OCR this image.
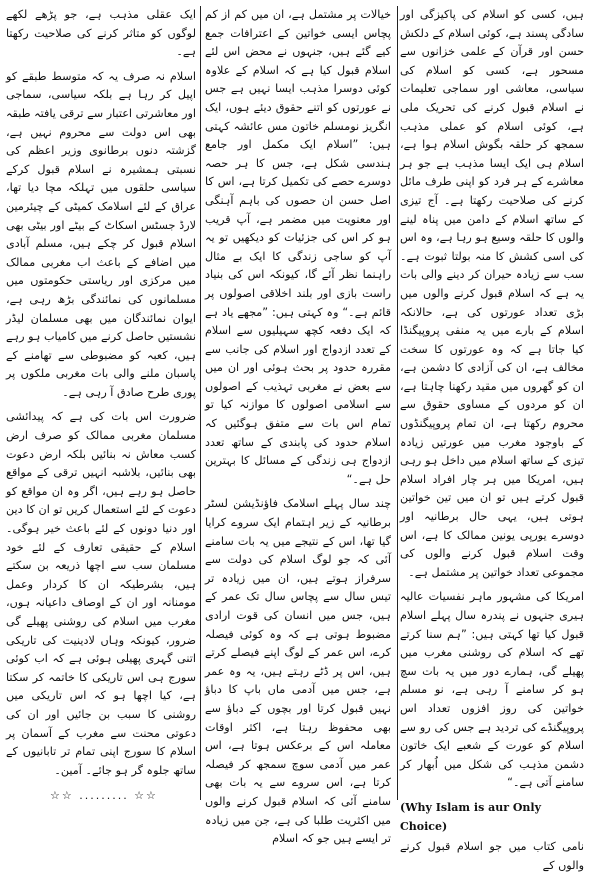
ہیں، کسی کو اسلام کی پاکیزگی اور سادگی پسند ہے، کوئی اسلام کے دلکش حسن اور قرآن کے علمی خزانوں سے مسحور ہے، کسی کو اسلام کی سیاسی، معاشی اور سماجی تعلیمات نے اسلام قبول کرنے کی تحریک ملی ہے، کوئی اسلام کو عملی مذہب سمجھ کر حلقہ بگوش اسلام ہوا ہے، اسلام ہی ایک ایسا مذہب ہے جو ہر معاشرے کے ہر فرد کو اپنی طرف مائل کرنے کی صلاحیت رکھتا ہے۔ آج تیزی کے ساتھ اسلام کے دامن میں پناہ لینے والوں کا حلقہ وسیع ہو رہا ہے، وہ اس کی اسی کشش کا منہ بولتا ثبوت ہے۔ سب سے زیادہ حیران کر دینے والی بات یہ ہے کہ اسلام قبول کرنے والوں میں بڑی تعداد عورتوں کی ہے، حالانکہ اسلام کے بارے میں یہ منفی پروپیگنڈا کیا جاتا ہے کہ وہ عورتوں کا سخت مخالف ہے، ان کی آزادی کا دشمن ہے، ان کو گھروں میں مقید رکھنا چاہتا ہے، ان کو مردوں کے مساوی حقوق سے محروم رکھتا ہے، ان تمام پروپیگنڈوں کے باوجود مغرب میں عورتیں زیادہ تیزی کے ساتھ اسلام میں داخل ہو رہی ہیں، امریکا میں ہر چار افراد اسلام قبول کرتے ہیں تو ان میں تین خواتین ہوتی ہیں، یہی حال برطانیہ اور دوسرے یورپی یونین ممالک کا ہے، اس وقت اسلام قبول کرنے والوں کی مجموعی تعداد خواتین پر مشتمل ہے۔

امریکا کی مشہور ماہر نفسیات عالیہ ہیری جنہوں نے پندرہ سال پہلے اسلام قبول کیا تھا کہتی ہیں: ”ہم سنا کرتے تھے کہ اسلام کی روشنی مغرب میں پھیلے گی، ہمارے دور میں یہ بات سچ ہو کر سامنے آ رہی ہے، نو مسلم خواتین کی روز افزوں تعداد اس پروپیگنڈے کی تردید ہے جس کی رو سے اسلام کو عورت کے شعبے ایک خاتون دشمن مذہب کی شکل میں اُبھار کر سامنے آتی ہے۔“

(Why Islam is aur Only Choice)

نامی کتاب میں جو اسلام قبول کرنے والوں کے

خیالات پر مشتمل ہے، ان میں کم از کم پچاس ایسی خواتین کے اعترافات جمع کیے گئے ہیں، جنہوں نے محض اس لئے اسلام قبول کیا ہے کہ اسلام کے علاوہ کوئی دوسرا مذہب ایسا نہیں ہے جس نے عورتوں کو اتنے حقوق دیئے ہوں، ایک انگریز نومسلم خاتون مس عائشہ کہتی ہیں: ”اسلام ایک مکمل اور جامع ہندسی شکل ہے، جس کا ہر حصہ دوسرے حصے کی تکمیل کرتا ہے، اس کا اصل حسن ان حصوں کی باہم آہنگی اور معنویت میں مضمر ہے، آپ قریب ہو کر اس کی جزئیات کو دیکھیں تو یہ آپ کو ساجی زندگی کا ایک بے مثال راہنما نظر آئے گا، کیونکہ اس کی بنیاد راست بازی اور بلند اخلاقی اصولوں پر قائم ہے۔“ وہ کہتی ہیں: ”مجھے یاد ہے کہ ایک دفعہ کچھ سہیلیوں سے اسلام کے تعدد ازدواج اور اسلام کی جانب سے مقررہ حدود پر بحث ہوئی اور ان میں سے بعض نے مغربی تہذیب کے اصولوں سے اسلامی اصولوں کا موازنہ کیا تو تمام اس بات سے متفق ہوگئیں کہ اسلام حدود کی پابندی کے ساتھ تعدد ازدواج ہی زندگی کے مسائل کا بہترین حل ہے۔“

چند سال پہلے اسلامک فاؤنڈیشن لسٹر برطانیہ کے زیر اہتمام ایک سروے کرایا گیا تھا، اس کے نتیجے میں یہ بات سامنے آئی کہ جو لوگ اسلام کی دولت سے سرفراز ہوتے ہیں، ان میں زیادہ تر تیس سال سے پچاس سال تک عمر کے ہیں، جس میں انسان کی قوت ارادی مضبوط ہوتی ہے کہ وہ کوئی فیصلہ کرے، اس عمر کے لوگ اپنے فیصلے کرتے ہیں، اس پر ڈٹے رہتے ہیں، یہ وہ عمر ہے، جس میں آدمی ماں باپ کا دباؤ نہیں قبول کرتا اور بچوں کے دباؤ سے بھی محفوظ رہتا ہے، اکثر اوقات معاملہ اس کے برعکس ہوتا ہے، اس عمر میں آدمی سوچ سمجھ کر فیصلہ کرتا ہے، اس سروے سے یہ بات بھی سامنے آئی کہ اسلام قبول کرنے والوں میں اکثریت طلبا کی ہے، جن میں زیادہ تر ایسے ہیں جو کہ اسلام

ایک عقلی مذہب ہے، جو پڑھے لکھے لوگوں کو متاثر کرنے کی صلاحیت رکھتا ہے۔

اسلام نہ صرف یہ کہ متوسط طبقے کو اپیل کر رہا ہے بلکہ سیاسی، سماجی اور معاشرتی اعتبار سے ترقی یافتہ طبقہ بھی اس دولت سے محروم نہیں ہے، گزشتہ دنوں برطانوی وزیر اعظم کی نسبتی ہمشیرہ نے اسلام قبول کرکے سیاسی حلقوں میں تہلکہ مچا دیا تھا، عراق کے لئے اسلامک کمیٹی کے چیئرمین لارڈ جسٹس اسکاٹ کے بیٹے اور بیٹی بھی اسلام قبول کر چکے ہیں، مسلم آبادی میں اضافے کے باعث اب مغربی ممالک میں مرکزی اور ریاستی حکومتوں میں مسلمانوں کی نمائندگی بڑھ رہی ہے، ایوان نمائندگان میں بھی مسلمان لیڈر نشستیں حاصل کرنے میں کامیاب ہو رہے ہیں، کعبہ کو مضبوطی سے تھامنے کے پاسبان ملنے والی بات مغربی ملکوں پر پوری طرح صادق آ رہی ہے۔

ضرورت اس بات کی ہے کہ پیدائشی مسلمان مغربی ممالک کو صرف ارض کسب معاش نہ بنائیں بلکہ ارض دعوت بھی بنائیں، بلاشبہ انہیں ترقی کے مواقع حاصل ہو رہے ہیں، اگر وہ ان مواقع کو دعوت کے لئے استعمال کریں تو ان کا دین اور دنیا دونوں کے لئے باعث خیر ہوگی۔ اسلام کے حقیقی تعارف کے لئے خود مسلمان سب سے اچھا ذریعہ بن سکتے ہیں، بشرطیکہ ان کا کردار وعمل مومنانہ اور ان کے اوصاف داعیانہ ہوں، مغرب میں اسلام کی روشنی پھیلے گی ضرور، کیونکہ وہاں لادینیت کی تاریکی اتنی گہری پھیلی ہوئی ہے کہ اب کوئی سورج ہی اس تاریکی کا خاتمہ کر سکتا ہے، کیا اچھا ہو کہ اس تاریکی میں روشنی کا سبب بن جائیں اور ان کی دعوتی محنت سے مغرب کے آسمان پر اسلام کا سورج اپنی تمام تر تابانیوں کے ساتھ جلوہ گر ہو جائے۔ آمین۔

☆☆ ......... ☆☆
